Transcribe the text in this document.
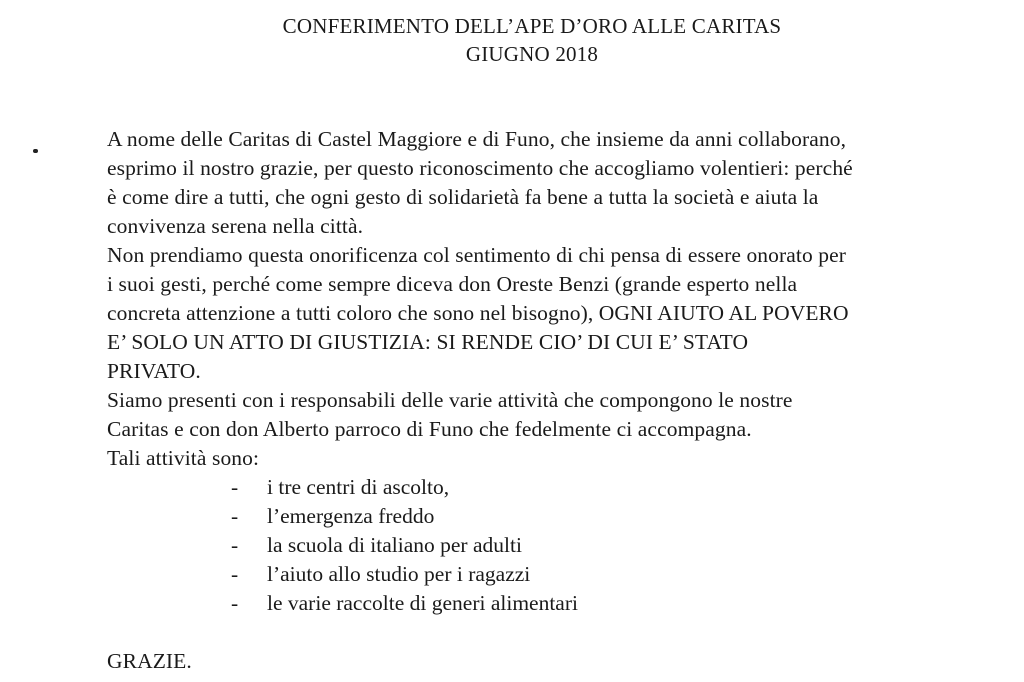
CONFERIMENTO DELL’APE D’ORO ALLE CARITAS
GIUGNO 2018
A nome delle Caritas di Castel Maggiore e di Funo, che insieme da anni collaborano,
esprimo il nostro grazie, per questo riconoscimento che accogliamo volentieri: perché
è come dire a tutti, che ogni gesto di solidarietà fa bene a tutta la società e aiuta la
convivenza serena nella città.
Non prendiamo questa onorificenza col sentimento di chi pensa di essere onorato per
i suoi gesti, perché come sempre diceva don Oreste Benzi (grande esperto nella
concreta attenzione a tutti coloro che sono nel bisogno), OGNI AIUTO AL POVERO
E’ SOLO UN ATTO DI GIUSTIZIA: SI RENDE CIO’ DI CUI E’ STATO
PRIVATO.
Siamo presenti con i responsabili delle varie attività che compongono le nostre
Caritas e con don Alberto parroco di Funo che fedelmente ci accompagna.
Tali attività sono:
- i tre centri di ascolto,
- l’emergenza freddo
- la scuola di italiano per adulti
- l’aiuto allo studio per i ragazzi
- le varie raccolte di generi alimentari
GRAZIE.
